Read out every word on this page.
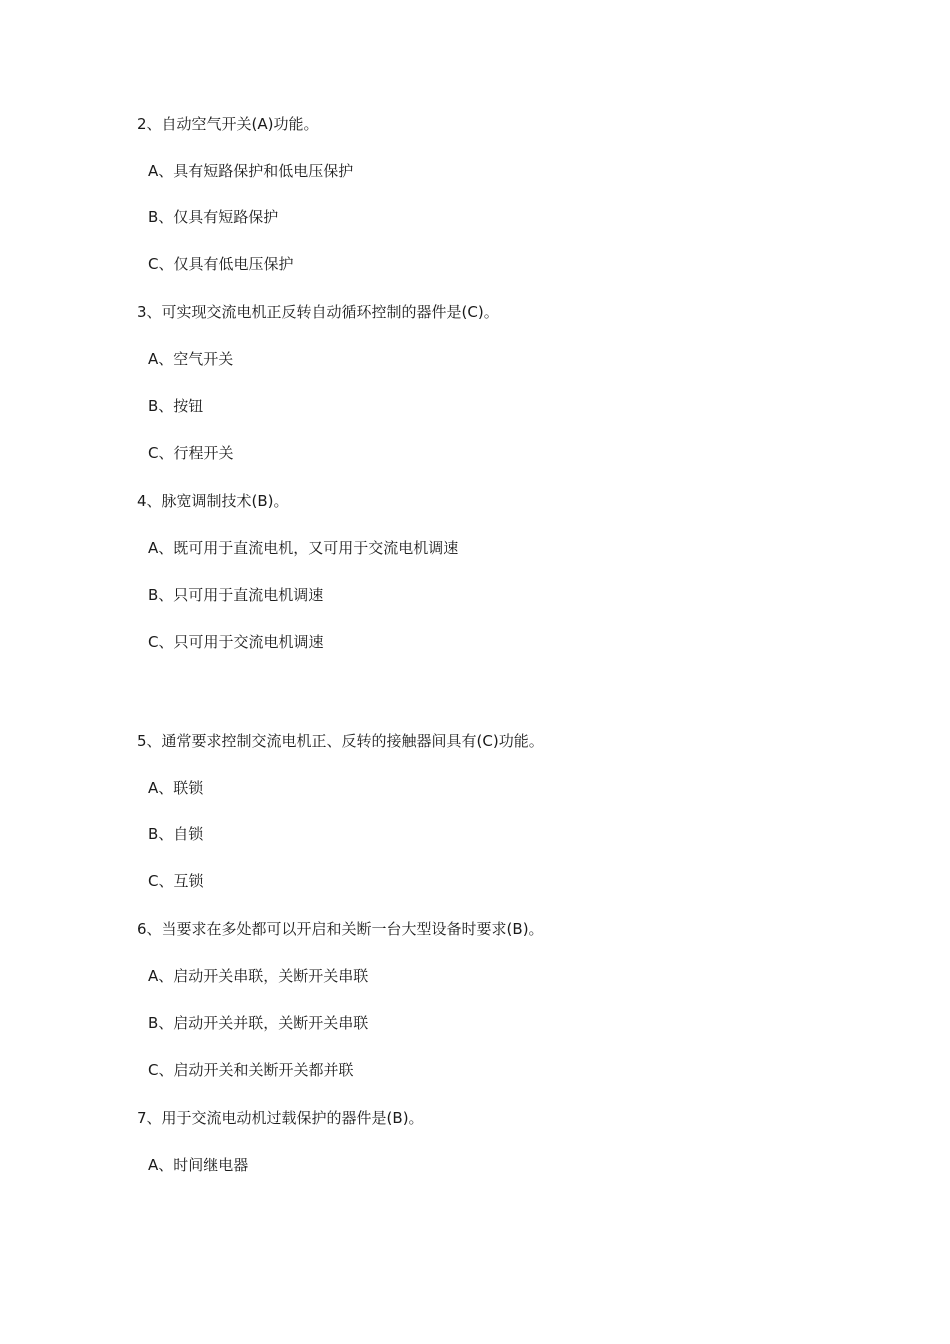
2、自动空气开关(A)功能。
A、具有短路保护和低电压保护
B、仅具有短路保护
C、仅具有低电压保护
3、可实现交流电机正反转自动循环控制的器件是(C)。
A、空气开关
B、按钮
C、行程开关
4、脉宽调制技术(B)。
A、既可用于直流电机，又可用于交流电机调速
B、只可用于直流电机调速
C、只可用于交流电机调速
5、通常要求控制交流电机正、反转的接触器间具有(C)功能。
A、联锁
B、自锁
C、互锁
6、当要求在多处都可以开启和关断一台大型设备时要求(B)。
A、启动开关串联，关断开关串联
B、启动开关并联，关断开关串联
C、启动开关和关断开关都并联
7、用于交流电动机过载保护的器件是(B)。
A、时间继电器
